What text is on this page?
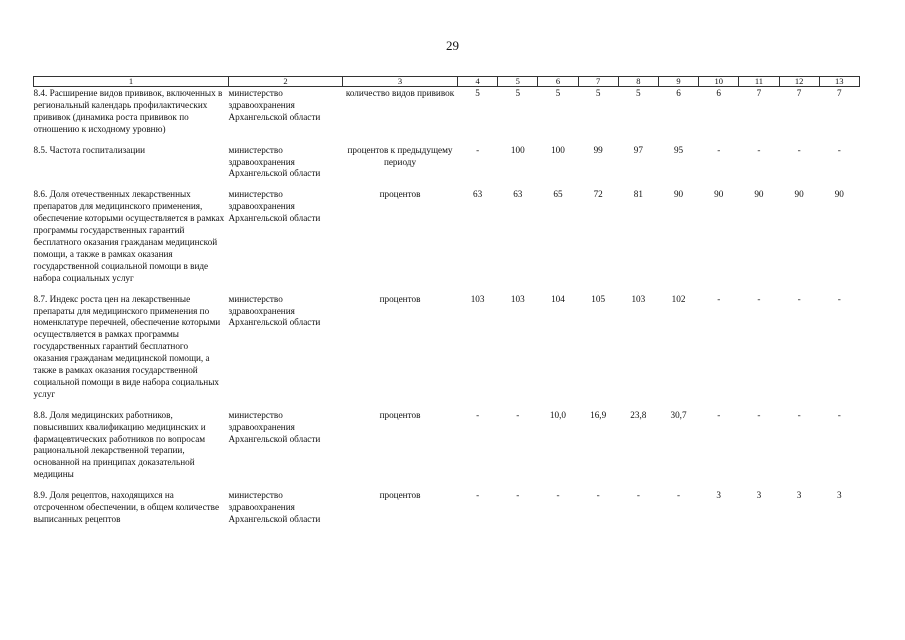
29
1	2	3	4	5	6	7	8	9	10	11	12	13
8.4. Расширение видов прививок, включенных в региональный календарь профилактических прививок (динамика роста прививок по отношению к исходному уровню)	министерство здравоохранения Архангельской области	количество видов прививок	5	5	5	5	5	6	6	7	7	7
8.5. Частота госпитализации	министерство здравоохранения Архангельской области	процентов к предыдущему периоду	-	100	100	99	97	95	-	-	-	-
8.6. Доля отечественных лекарственных препаратов для медицинского применения, обеспечение которыми осуществляется в рамках программы государственных гарантий бесплатного оказания гражданам медицинской помощи, а также в рамках оказания государственной социальной помощи в виде набора социальных услуг	министерство здравоохранения Архангельской области	процентов	63	63	65	72	81	90	90	90	90	90
8.7. Индекс роста цен на лекарственные препараты для медицинского применения по номенклатуре перечней, обеспечение которыми осуществляется в рамках программы государственных гарантий бесплатного оказания гражданам медицинской помощи, а также в рамках оказания государственной социальной помощи в виде набора социальных услуг	министерство здравоохранения Архангельской области	процентов	103	103	104	105	103	102	-	-	-	-
8.8. Доля медицинских работников, повысивших квалификацию медицинских и фармацевтических работников по вопросам рациональной лекарственной терапии, основанной на принципах доказательной медицины	министерство здравоохранения Архангельской области	процентов	-	-	10,0	16,9	23,8	30,7	-	-	-	-
8.9. Доля рецептов, находящихся на отсроченном обеспечении, в общем количестве выписанных рецептов	министерство здравоохранения Архангельской области	процентов	-	-	-	-	-	-	3	3	3	3
